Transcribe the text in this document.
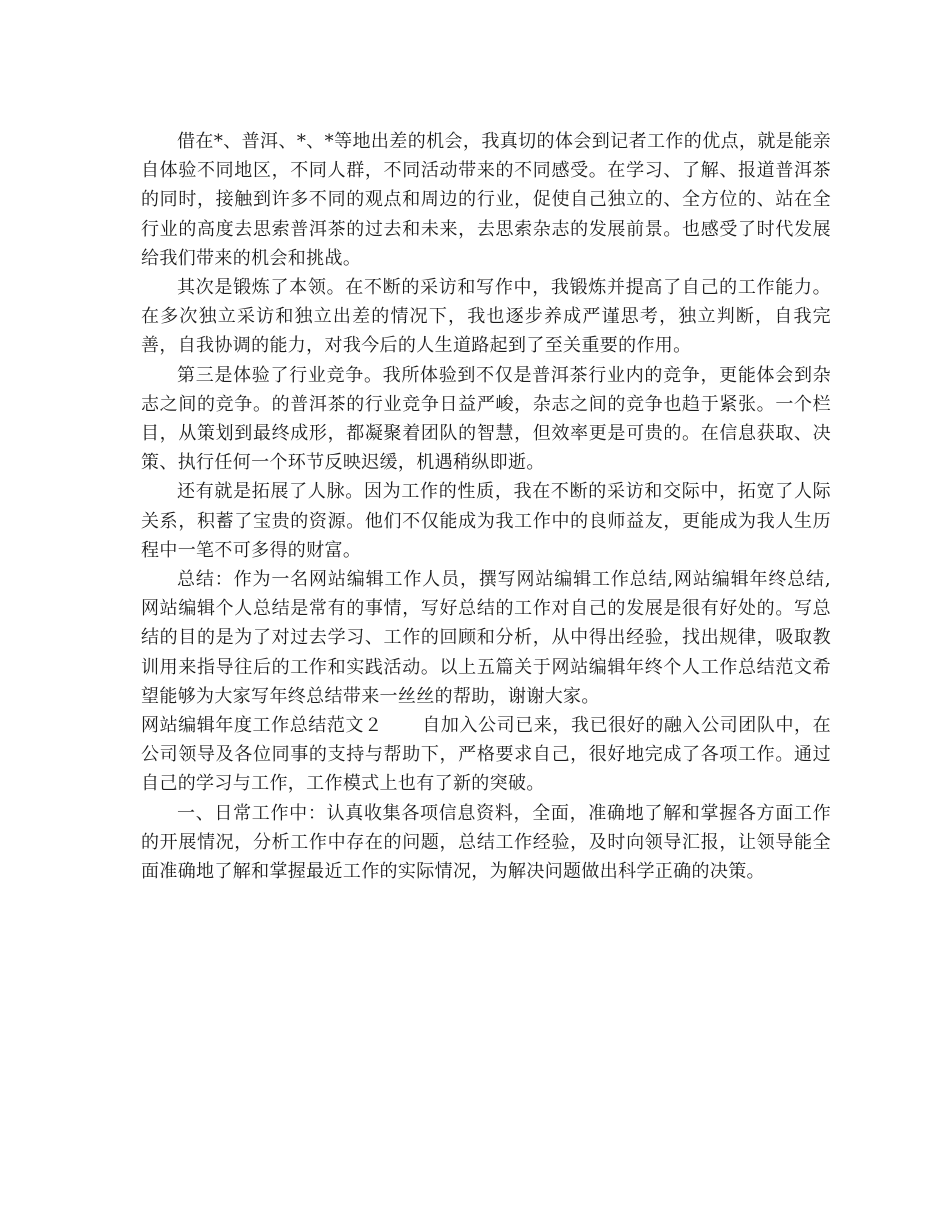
借在*、普洱、*、*等地出差的机会，我真切的体会到记者工作的优点，就是能亲自体验不同地区，不同人群，不同活动带来的不同感受。在学习、了解、报道普洱茶的同时，接触到许多不同的观点和周边的行业，促使自己独立的、全方位的、站在全行业的高度去思索普洱茶的过去和未来，去思索杂志的发展前景。也感受了时代发展给我们带来的机会和挑战。

其次是锻炼了本领。在不断的采访和写作中，我锻炼并提高了自己的工作能力。在多次独立采访和独立出差的情况下，我也逐步养成严谨思考，独立判断，自我完善，自我协调的能力，对我今后的人生道路起到了至关重要的作用。

第三是体验了行业竞争。我所体验到不仅是普洱茶行业内的竞争，更能体会到杂志之间的竞争。的普洱茶的行业竞争日益严峻，杂志之间的竞争也趋于紧张。一个栏目，从策划到最终成形，都凝聚着团队的智慧，但效率更是可贵的。在信息获取、决策、执行任何一个环节反映迟缓，机遇稍纵即逝。

还有就是拓展了人脉。因为工作的性质，我在不断的采访和交际中，拓宽了人际关系，积蓄了宝贵的资源。他们不仅能成为我工作中的良师益友，更能成为我人生历程中一笔不可多得的财富。

总结：作为一名网站编辑工作人员，撰写网站编辑工作总结,网站编辑年终总结,网站编辑个人总结是常有的事情，写好总结的工作对自己的发展是很有好处的。写总结的目的是为了对过去学习、工作的回顾和分析，从中得出经验，找出规律，吸取教训用来指导往后的工作和实践活动。以上五篇关于网站编辑年终个人工作总结范文希望能够为大家写年终总结带来一丝丝的帮助，谢谢大家。

网站编辑年度工作总结范文２ 自加入公司已来，我已很好的融入公司团队中，在公司领导及各位同事的支持与帮助下，严格要求自己，很好地完成了各项工作。通过自己的学习与工作，工作模式上也有了新的突破。

一、日常工作中：认真收集各项信息资料，全面，准确地了解和掌握各方面工作的开展情况，分析工作中存在的问题，总结工作经验，及时向领导汇报，让领导能全面准确地了解和掌握最近工作的实际情况，为解决问题做出科学正确的决策。
